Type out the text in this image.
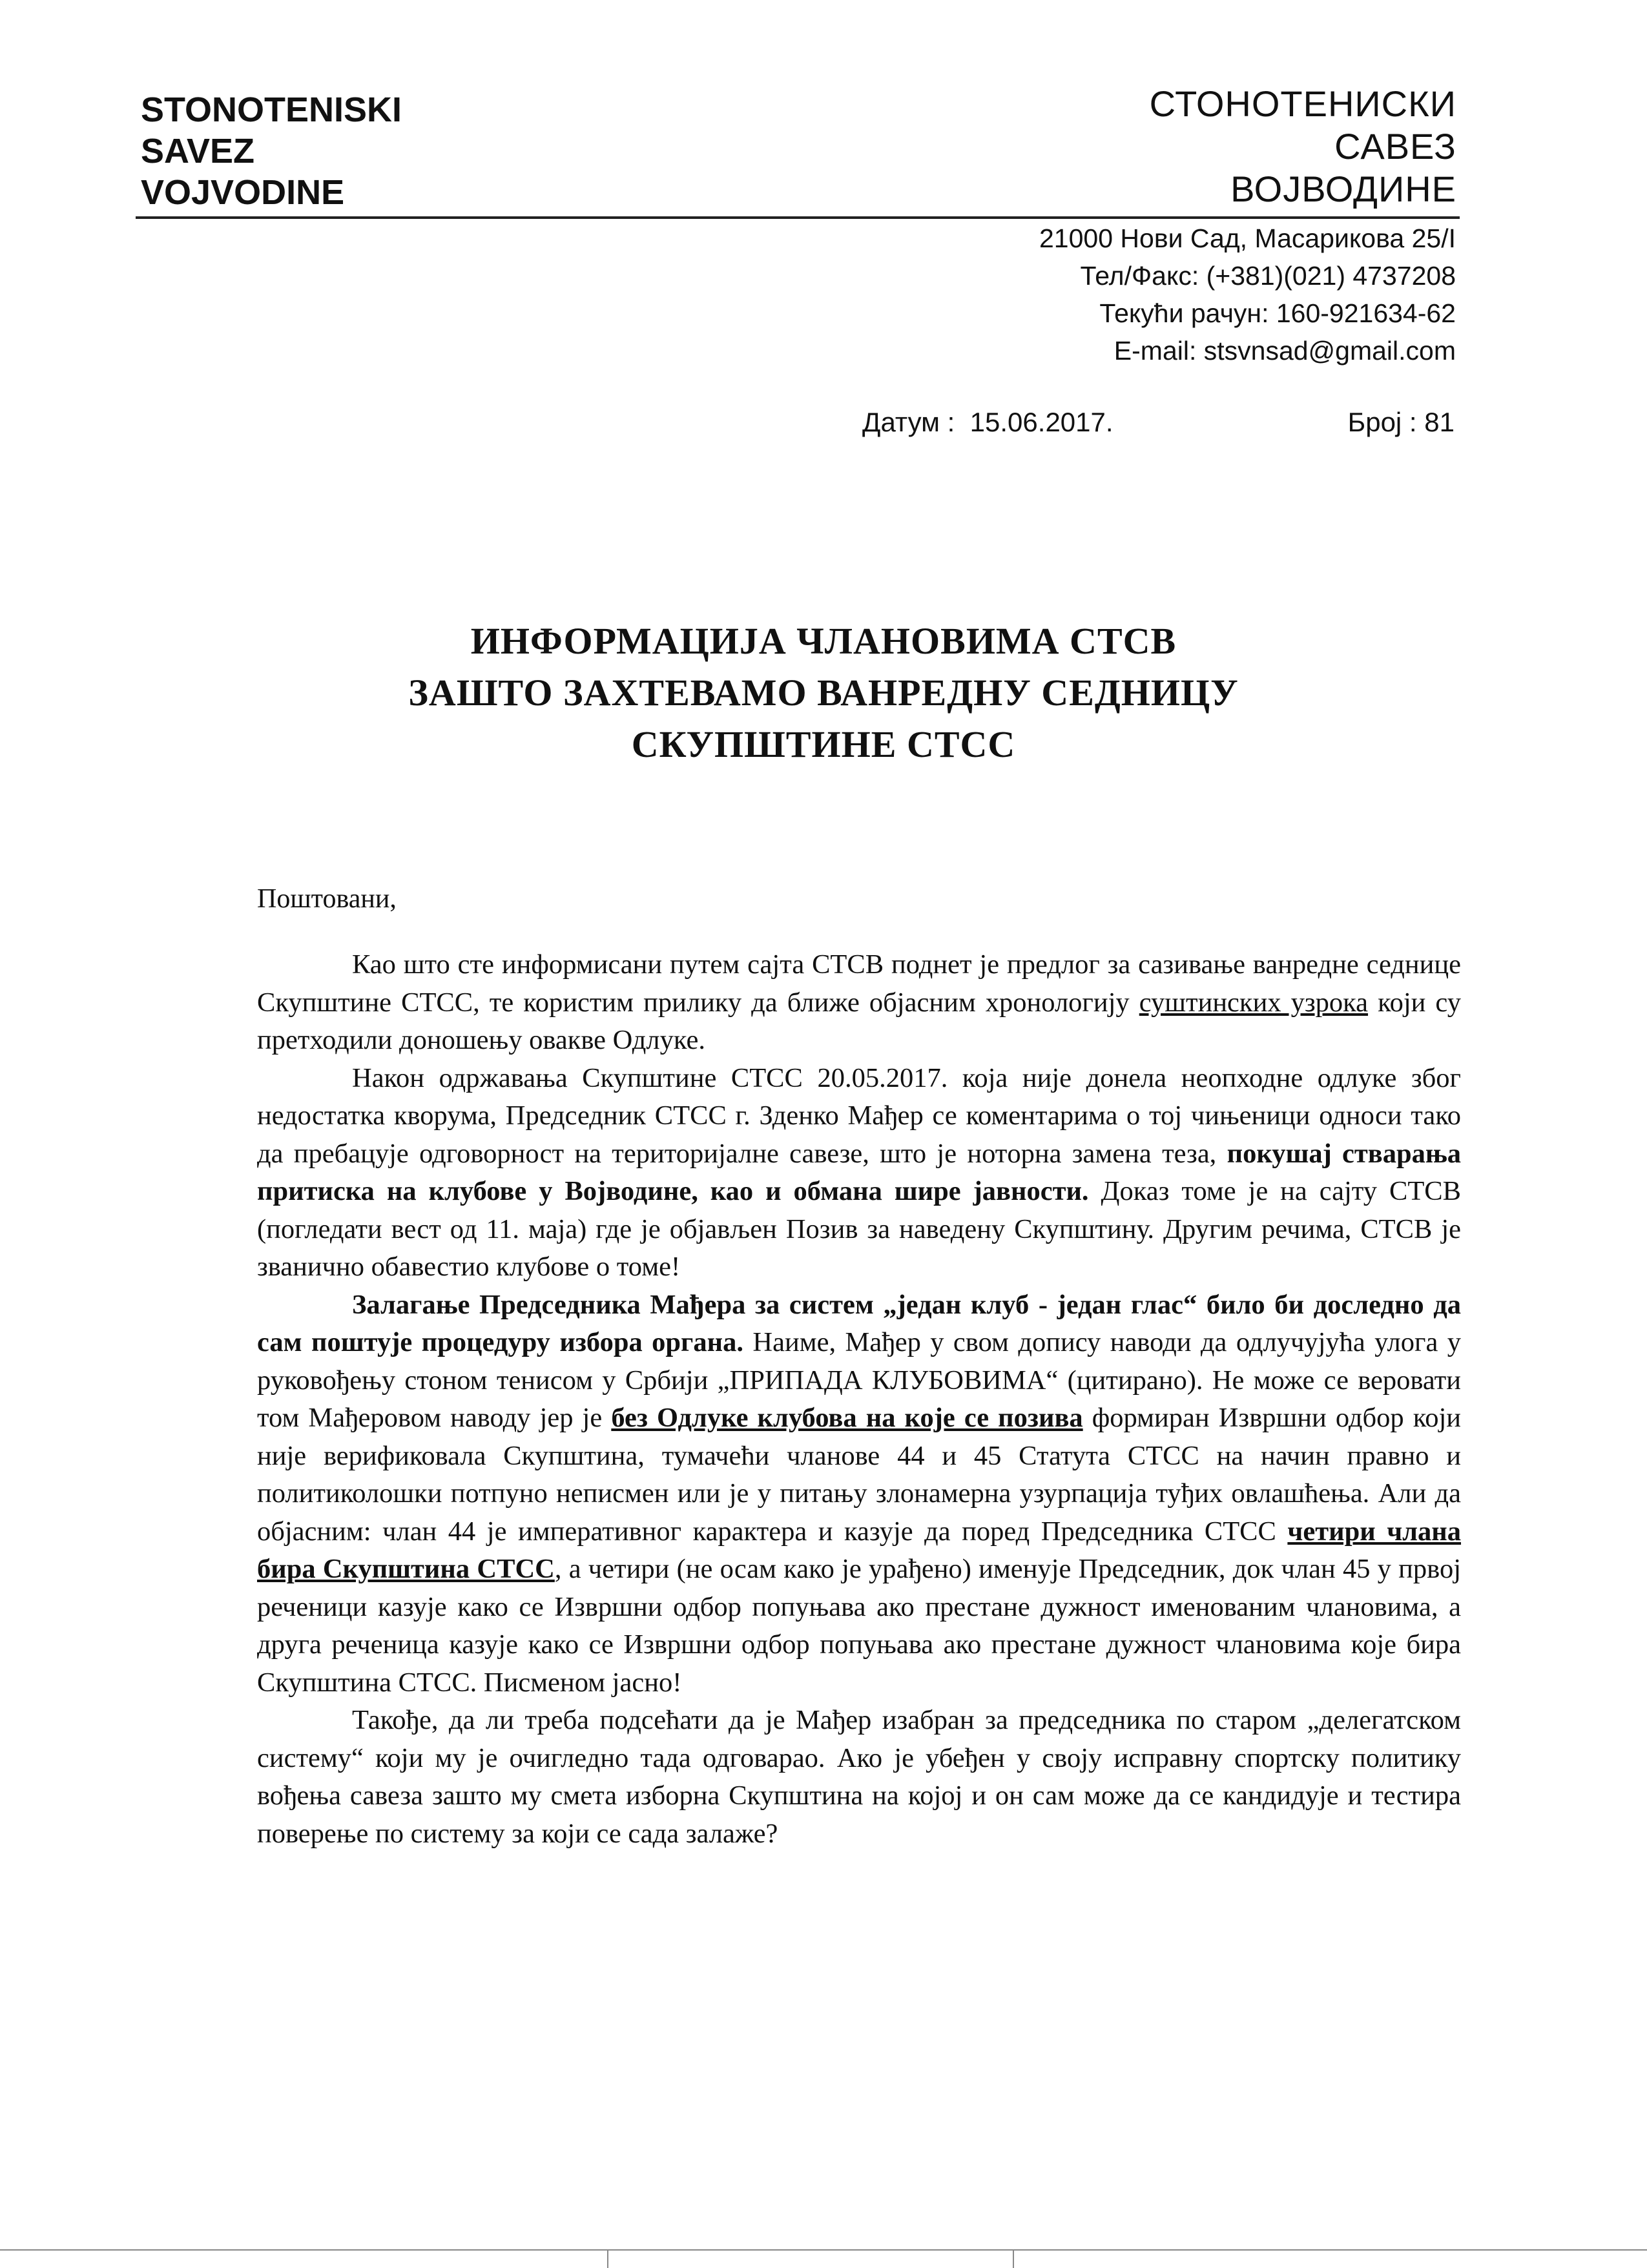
STONOTENISKI
SAVEZ
VOJVODINE
СТОНОТЕНИСКИ
САВЕЗ
ВОЈВОДИНЕ
21000 Нови Сад, Масарикова 25/I
Тел/Факс: (+381)(021) 4737208
Текући рачун: 160-921634-62
E-mail: stsvnsad@gmail.com
Датум :  15.06.2017.	Број : 81
ИНФОРМАЦИЈА ЧЛАНОВИМА СТСВ
ЗАШТО ЗАХТЕВАМО ВАНРЕДНУ СЕДНИЦУ
СКУПШТИНЕ СТСС
Поштовани,

Као што сте информисани путем сајта СТСВ поднет је предлог за сазивање ванредне седнице Скупштине СТСС, те користим прилику да ближе објасним хронологију суштинских узрока који су претходили доношењу овакве Одлуке.

Након одржавања Скупштине СТСС 20.05.2017. која није донела неопходне одлуке због недостатка кворума, Председник СТСС г. Зденко Мађер се коментарима о тој чињеници односи тако да пребацује одговорност на територијалне савезе, што је нотoрна замена теза, покушај стварања притиска на клубове у Војводине, као и обмана шире јавности. Доказ томе је на сајту СТСВ (погледати вест од 11. маја) где је објављен Позив за наведену Скупштину. Другим речима, СТСВ је званично обавестио клубове о томе!

Залагање Председника Мађера за систем „један клуб - један глас“ било би доследно да сам поштује процедуру избора органа. Наиме, Мађер у свом допису наводи да одлучујућа улога у руковођењу стоном тенисом у Србији „ПРИПАДА КЛУБОВИМА“ (цитирано). Не може се веровати том Мађеровом наводу јер је без Одлуке клубова на које се позива формиран Извршни одбор који није верификовала Скупштина, тумачећи чланове 44 и 45 Статута СТСС на начин правно и политиколошки потпуно неписмен или је у питању злонамерна узурпација туђих овлашћења. Али да објасним: члан 44 је императивног карактера и казује да поред Председника СТСС четири члана бира Скупштина СТСС, а четири (не осам како је урађено) именује Председник, док члан 45 у првој реченици казује како се Извршни одбор попуњава ако престане дужност именованим члановима, а друга реченица казује како се Извршни одбор попуњава ако престане дужност члановима које бира Скупштина СТСС. Писменом јасно!

Такође, да ли треба подсећати да је Мађер изабран за председника по старом „делегатском систему“ који му је очигледно тада одговарао. Ако је убеђен у своју исправну спортску политику вођења савеза зашто му смета изборна Скупштина на којој и он сам може да се кандидује и тестира поверење по систему за који се сада залаже?
